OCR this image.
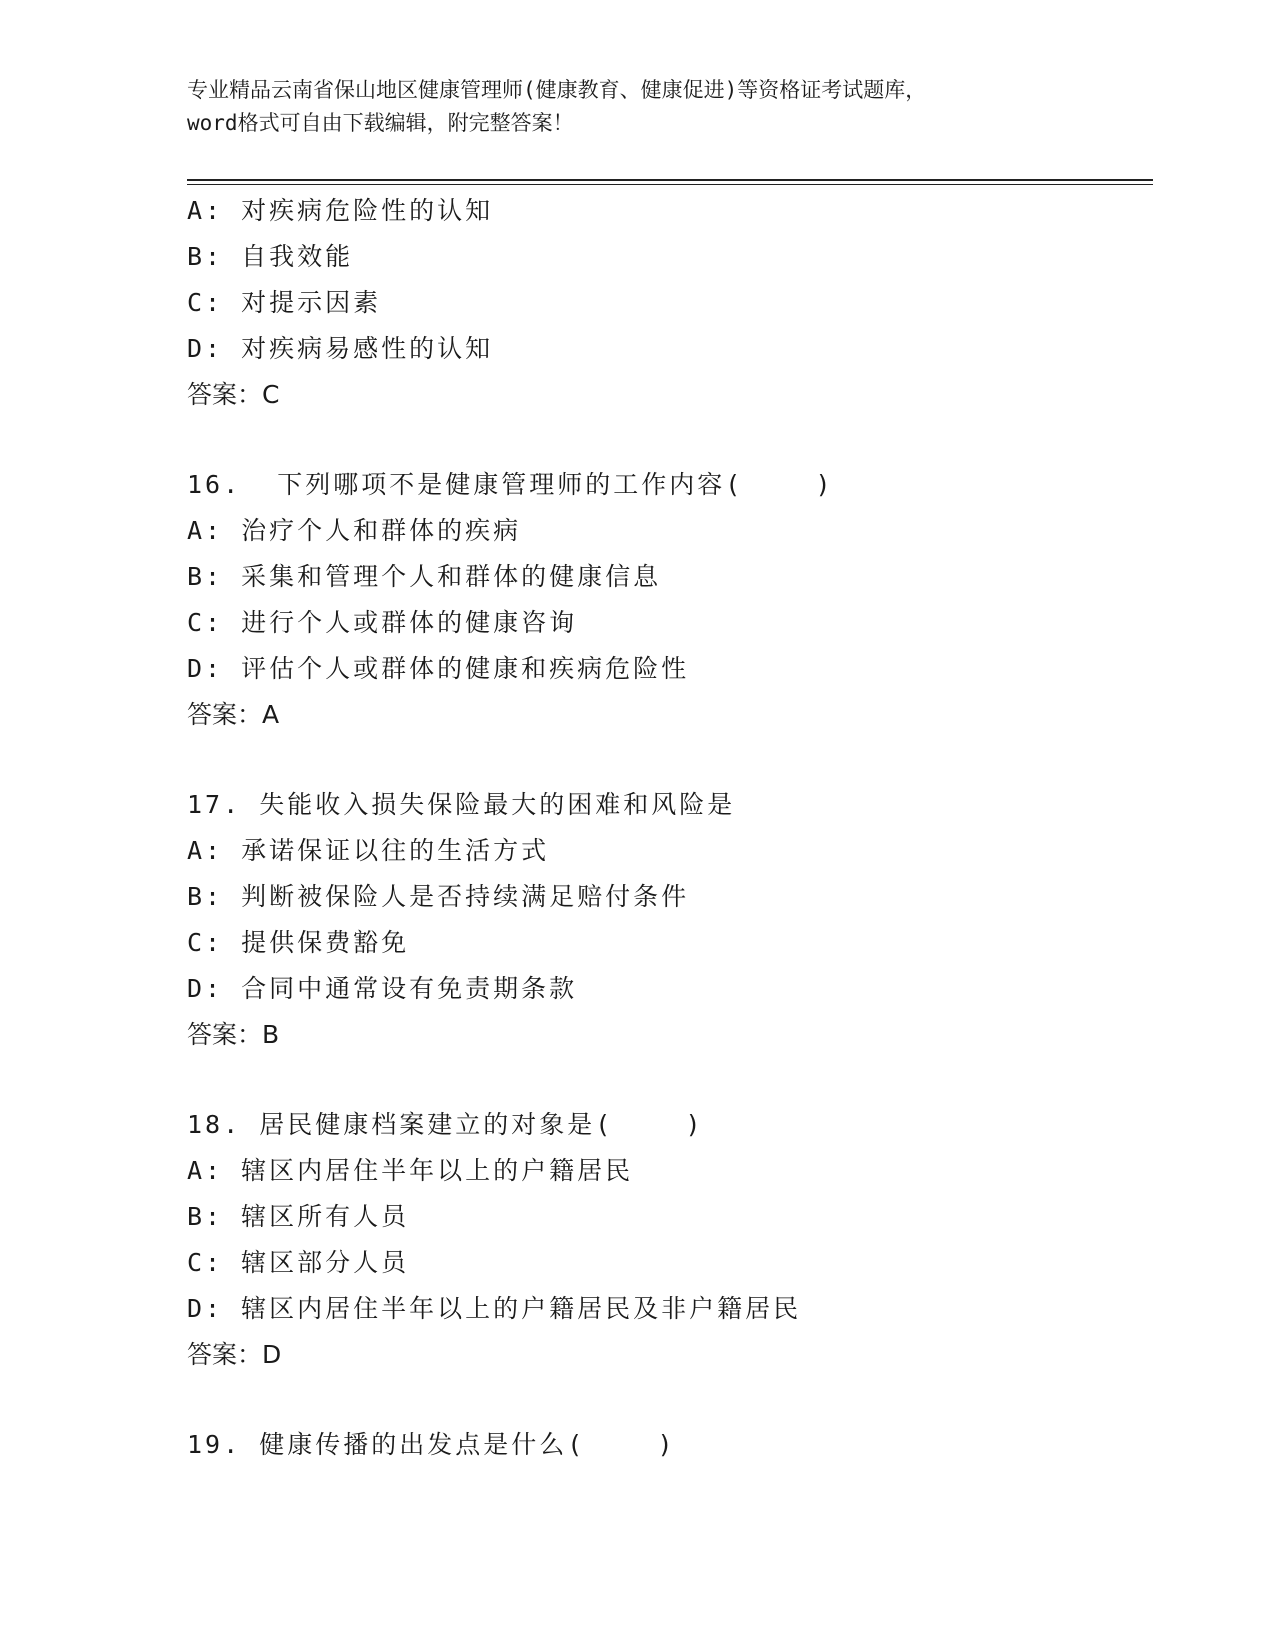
专业精品云南省保山地区健康管理师(健康教育、健康促进)等资格证考试题库，
word格式可自由下载编辑，附完整答案！
A: 对疾病危险性的认知
B: 自我效能
C: 对提示因素
D: 对疾病易感性的认知
答案：C
16.  下列哪项不是健康管理师的工作内容(    )
A: 治疗个人和群体的疾病
B: 采集和管理个人和群体的健康信息
C: 进行个人或群体的健康咨询
D: 评估个人或群体的健康和疾病危险性
答案：A
17. 失能收入损失保险最大的困难和风险是
A: 承诺保证以往的生活方式
B: 判断被保险人是否持续满足赔付条件
C: 提供保费豁免
D: 合同中通常设有免责期条款
答案：B
18. 居民健康档案建立的对象是(    )
A: 辖区内居住半年以上的户籍居民
B: 辖区所有人员
C: 辖区部分人员
D: 辖区内居住半年以上的户籍居民及非户籍居民
答案：D
19. 健康传播的出发点是什么(    )
